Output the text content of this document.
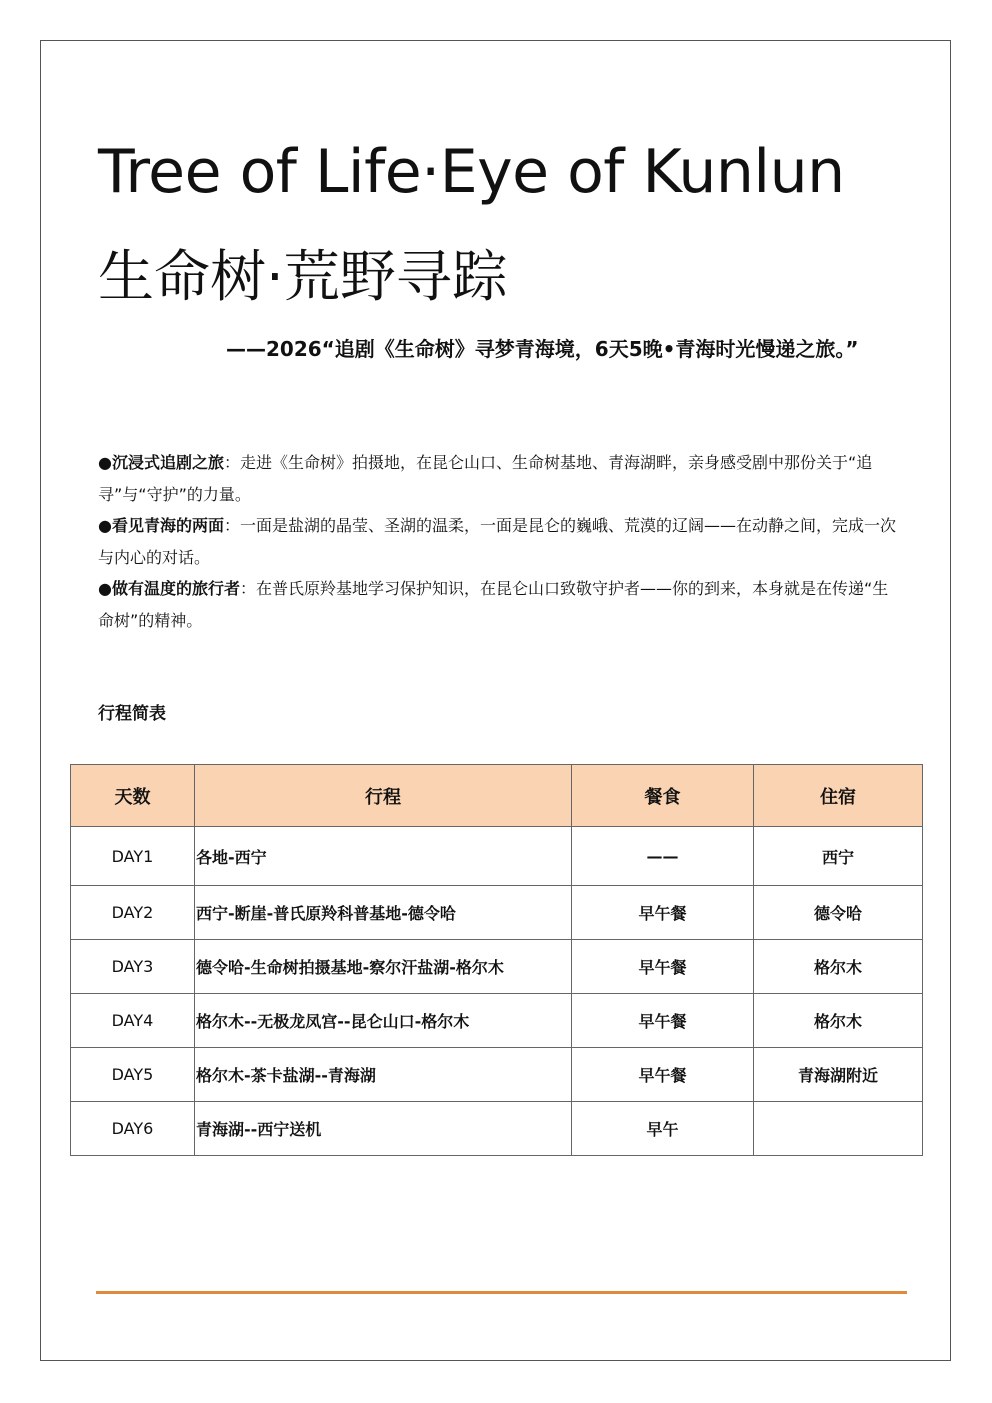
Tree of Life·Eye of Kunlun
生命树·荒野寻踪
——2026“追剧《生命树》寻梦青海境，6天5晚•青海时光慢递之旅。”

●沉浸式追剧之旅：走进《生命树》拍摄地，在昆仑山口、生命树基地、青海湖畔，亲身感受剧中那份关于“追寻”与“守护”的力量。

●看见青海的两面：一面是盐湖的晶莹、圣湖的温柔，一面是昆仑的巍峨、荒漠的辽阔——在动静之间，完成一次与内心的对话。

●做有温度的旅行者：在普氏原羚基地学习保护知识，在昆仑山口致敬守护者——你的到来，本身就是在传递“生命树”的精神。

行程简表
天数	行程	餐食	住宿
DAY1	各地-西宁	——	西宁
DAY2	西宁-断崖-普氏原羚科普基地-德令哈	早午餐	德令哈
DAY3	德令哈-生命树拍摄基地-察尔汗盐湖-格尔木	早午餐	格尔木
DAY4	格尔木--无极龙凤宫--昆仑山口-格尔木	早午餐	格尔木
DAY5	格尔木-茶卡盐湖--青海湖	早午餐	青海湖附近
DAY6	青海湖--西宁送机	早午	
